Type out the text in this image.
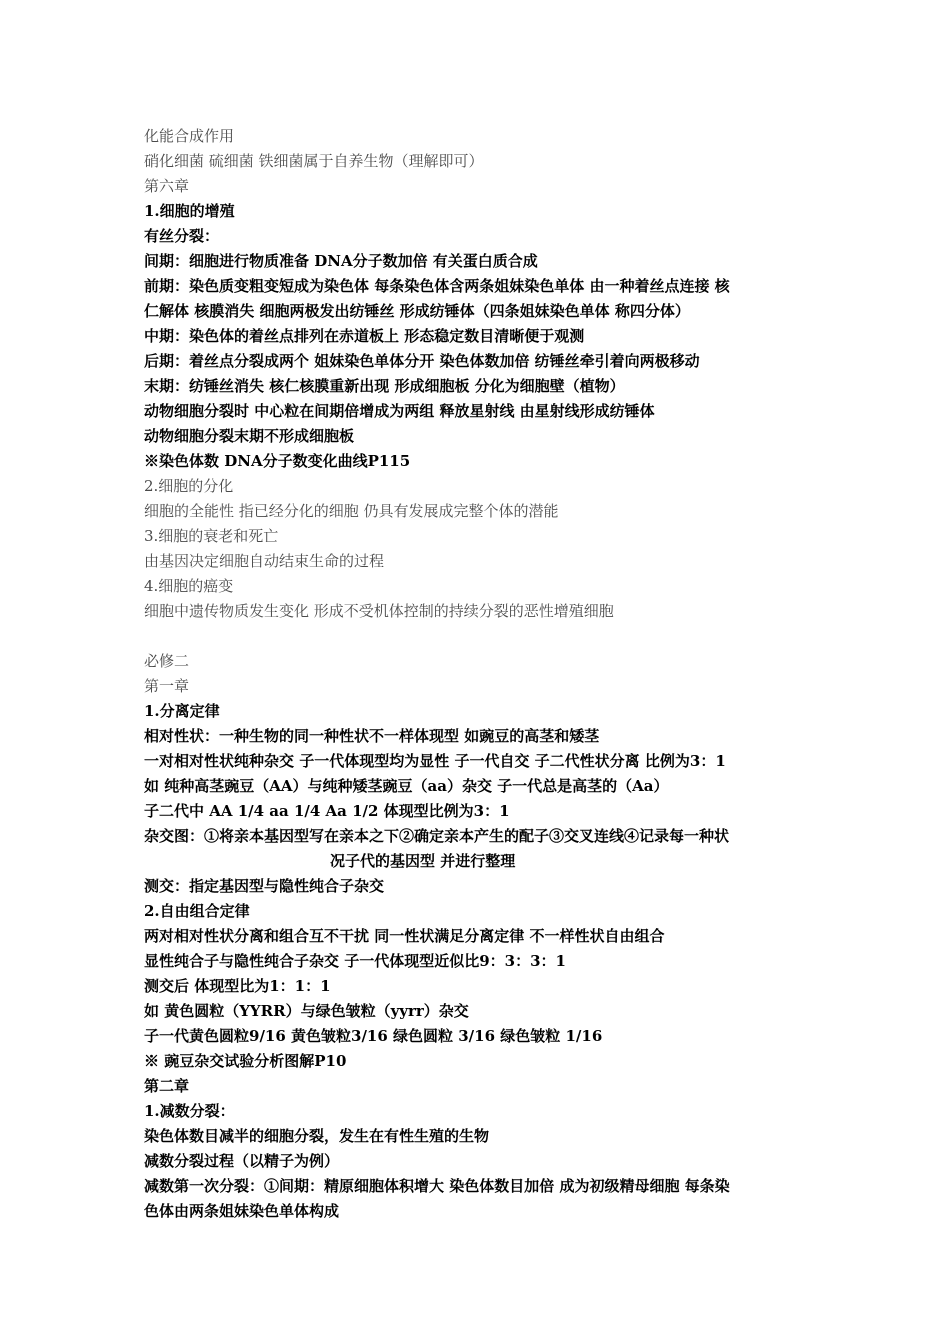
化能合成作用
硝化细菌 硫细菌 铁细菌属于自养生物（理解即可）
第六章
1.细胞的增殖
有丝分裂：
间期：细胞进行物质准备 DNA分子数加倍 有关蛋白质合成
前期：染色质变粗变短成为染色体 每条染色体含两条姐妹染色单体 由一种着丝点连接 核
仁解体 核膜消失 细胞两极发出纺锤丝 形成纺锤体（四条姐妹染色单体 称四分体）
中期：染色体的着丝点排列在赤道板上 形态稳定数目清晰便于观测
后期：着丝点分裂成两个 姐妹染色单体分开 染色体数加倍 纺锤丝牵引着向两极移动
末期：纺锤丝消失 核仁核膜重新出现 形成细胞板 分化为细胞壁（植物）
动物细胞分裂时 中心粒在间期倍增成为两组 释放星射线 由星射线形成纺锤体
动物细胞分裂末期不形成细胞板
※染色体数 DNA分子数变化曲线P115
2.细胞的分化
细胞的全能性 指已经分化的细胞 仍具有发展成完整个体的潜能
3.细胞的衰老和死亡
由基因决定细胞自动结束生命的过程
4.细胞的癌变
细胞中遗传物质发生变化 形成不受机体控制的持续分裂的恶性增殖细胞
必修二
第一章
1.分离定律
相对性状：一种生物的同一种性状不一样体现型 如豌豆的高茎和矮茎
一对相对性状纯种杂交 子一代体现型均为显性 子一代自交 子二代性状分离 比例为3：1
如 纯种高茎豌豆（AA）与纯种矮茎豌豆（aa）杂交 子一代总是高茎的（Aa）
子二代中 AA 1/4 aa 1/4 Aa 1/2 体现型比例为3：1
杂交图：①将亲本基因型写在亲本之下②确定亲本产生的配子③交叉连线④记录每一种状
况子代的基因型 并进行整理
测交：指定基因型与隐性纯合子杂交
2.自由组合定律
两对相对性状分离和组合互不干扰 同一性状满足分离定律 不一样性状自由组合
显性纯合子与隐性纯合子杂交 子一代体现型近似比9：3：3：1
测交后 体现型比为1：1：1
如 黄色圆粒（YYRR）与绿色皱粒（yyrr）杂交
子一代黄色圆粒9/16 黄色皱粒3/16 绿色圆粒 3/16 绿色皱粒 1/16
※ 豌豆杂交试验分析图解P10
第二章
1.减数分裂：
染色体数目减半的细胞分裂，发生在有性生殖的生物
减数分裂过程（以精子为例）
减数第一次分裂：①间期：精原细胞体积增大 染色体数目加倍 成为初级精母细胞 每条染
色体由两条姐妹染色单体构成
